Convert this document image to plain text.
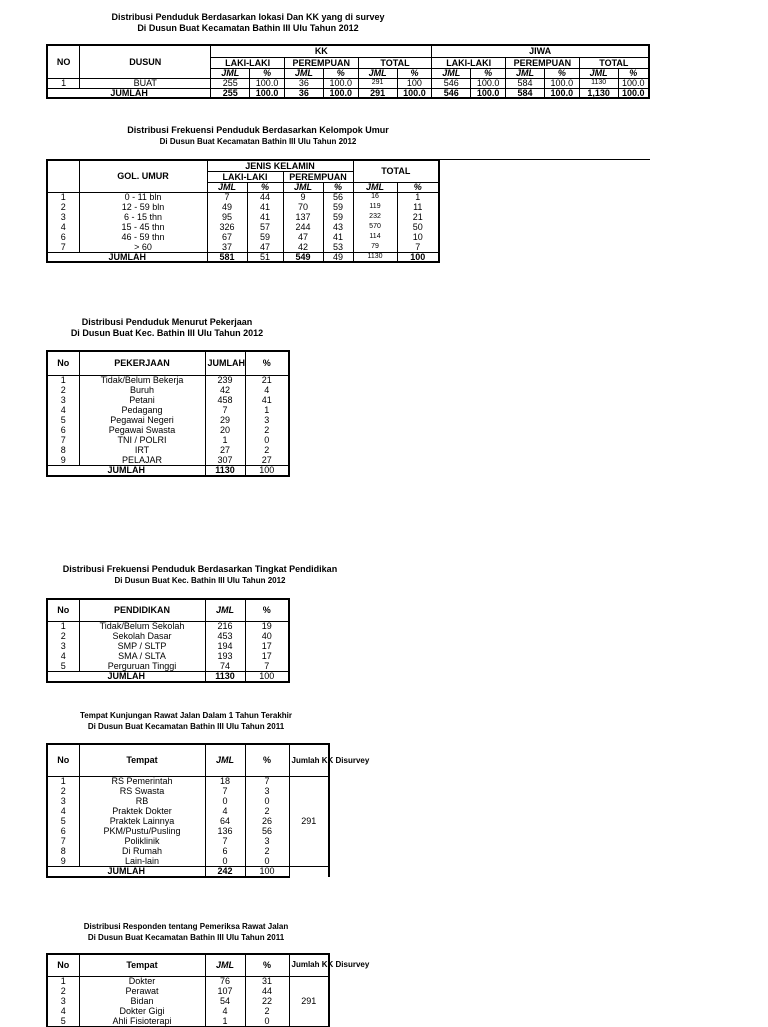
Distribusi Penduduk Berdasarkan lokasi Dan KK yang di survey
Di Dusun Buat Kecamatan Bathin III Ulu Tahun 2012
NO	DUSUN	KK						JIWA					
		LAKI-LAKI		PEREMPUAN		TOTAL		LAKI-LAKI		PEREMPUAN		TOTAL	
		JML	%	JML	%	JML	%	JML	%	JML	%	JML	%
1	BUAT	255	100.0	36	100.0	291	100	546	100.0	584	100.0	1130	100.0
JUMLAH		255	100.0	36	100.0	291	100.0	546	100.0	584	100.0	1,130	100.0
Distribusi Frekuensi Penduduk Berdasarkan Kelompok Umur
Di Dusun Buat Kecamatan Bathin III Ulu Tahun 2012
	GOL. UMUR	JENIS KELAMIN				TOTAL	
		LAKI-LAKI		PEREMPUAN			
		JML	%	JML	%	JML	%
1	0 - 11 bln	7	44	9	56	16	1
2	12 - 59 bln	49	41	70	59	119	11
3	6 - 15 thn	95	41	137	59	232	21
4	15 - 45 thn	326	57	244	43	570	50
6	46 - 59 thn	67	59	47	41	114	10
7	> 60	37	47	42	53	79	7
JUMLAH		581	51	549	49	1130	100
Distribusi Penduduk Menurut Pekerjaan
Di Dusun Buat Kec. Bathin III Ulu Tahun 2012
No	PEKERJAAN	JUMLAH	%
1	Tidak/Belum Bekerja	239	21
2	Buruh	42	4
3	Petani	458	41
4	Pedagang	7	1
5	Pegawai Negeri	29	3
6	Pegawai Swasta	20	2
7	TNI / POLRI	1	0
8	IRT	27	2
9	PELAJAR	307	27
JUMLAH		1130	100
Distribusi Frekuensi Penduduk Berdasarkan Tingkat Pendidikan
Di Dusun Buat Kec. Bathin III Ulu Tahun 2012
No	PENDIDIKAN	JML	%
1	Tidak/Belum Sekolah	216	19
2	Sekolah Dasar	453	40
3	SMP / SLTP	194	17
4	SMA / SLTA	193	17
5	Perguruan Tinggi	74	7
JUMLAH		1130	100
Tempat Kunjungan Rawat Jalan Dalam 1 Tahun Terakhir
Di Dusun Buat Kecamatan Bathin III Ulu Tahun 2011
No	Tempat	JML	%	Jumlah KK Disurvey
1	RS Pemerintah	18	7	291
2	RS Swasta	7	3	
3	RB	0	0	
4	Praktek Dokter	4	2	
5	Praktek Lainnya	64	26	
6	PKM/Pustu/Pusling	136	56	
7	Poliklinik	7	3	
8	Di Rumah	6	2	
9	Lain-lain	0	0	
JUMLAH		242	100	
Distribusi Responden tentang Pemeriksa Rawat Jalan
Di Dusun Buat Kecamatan Bathin III Ulu Tahun 2011
No	Tempat	JML	%	Jumlah KK Disurvey
1	Dokter	76	31	291
2	Perawat	107	44	
3	Bidan	54	22	
4	Dokter Gigi	4	2	
5	Ahli Fisioterapi	1	0	
